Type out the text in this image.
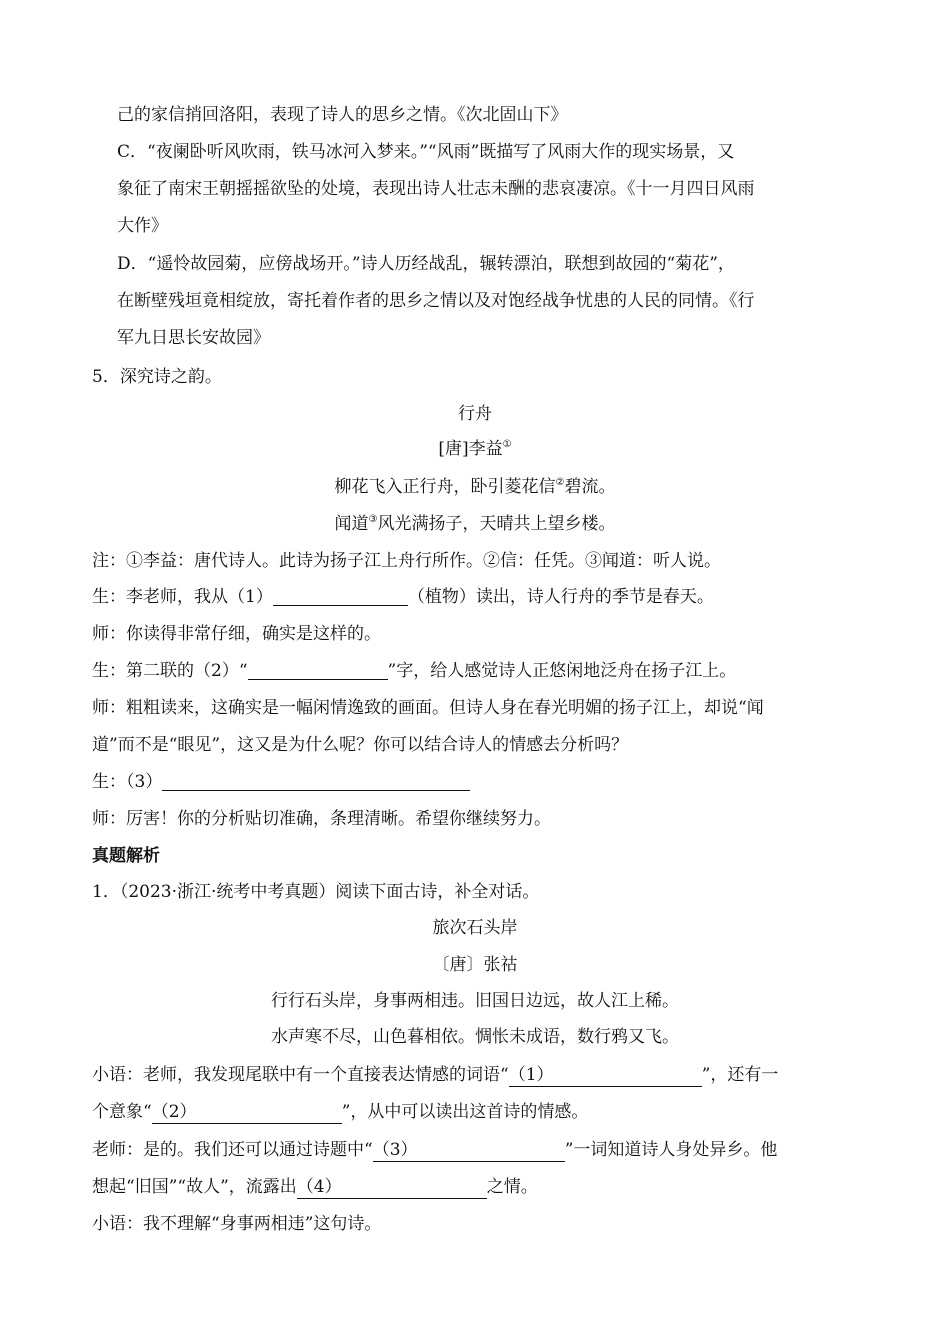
己的家信捎回洛阳，表现了诗人的思乡之情。《次北固山下》
C．“夜阑卧听风吹雨，铁马冰河入梦来。”“风雨”既描写了风雨大作的现实场景，又
象征了南宋王朝摇摇欲坠的处境，表现出诗人壮志未酬的悲哀凄凉。《十一月四日风雨
大作》
D．“遥怜故园菊，应傍战场开。”诗人历经战乱，辗转漂泊，联想到故园的“菊花”，
在断壁残垣竟相绽放，寄托着作者的思乡之情以及对饱经战争忧患的人民的同情。《行
军九日思长安故园》
5．深究诗之韵。
行舟
[唐]李益①
柳花飞入正行舟，卧引菱花信②碧流。
闻道③风光满扬子，天晴共上望乡楼。
注：①李益：唐代诗人。此诗为扬子江上舟行所作。②信：任凭。③闻道：听人说。
生：李老师，我从（1）	（植物）读出，诗人行舟的季节是春天。
师：你读得非常仔细，确实是这样的。
生：第二联的（2）“	”字，给人感觉诗人正悠闲地泛舟在扬子江上。
师：粗粗读来，这确实是一幅闲情逸致的画面。但诗人身在春光明媚的扬子江上，却说“闻
道”而不是“眼见”，这又是为什么呢？你可以结合诗人的情感去分析吗？
生：（3）
师：厉害！你的分析贴切准确，条理清晰。希望你继续努力。
真题解析
1．（2023·浙江·统考中考真题）阅读下面古诗，补全对话。
旅次石头岸
〔唐〕张祜
行行石头岸，身事两相违。旧国日边远，故人江上稀。
水声寒不尽，山色暮相依。惆怅未成语，数行鸦又飞。
小语：老师，我发现尾联中有一个直接表达情感的词语“（1）	”，还有一
个意象“（2）	”，从中可以读出这首诗的情感。
老师：是的。我们还可以通过诗题中“（3）	”一词知道诗人身处异乡。他
想起“旧国”“故人”，流露出（4）	之情。
小语：我不理解“身事两相违”这句诗。
